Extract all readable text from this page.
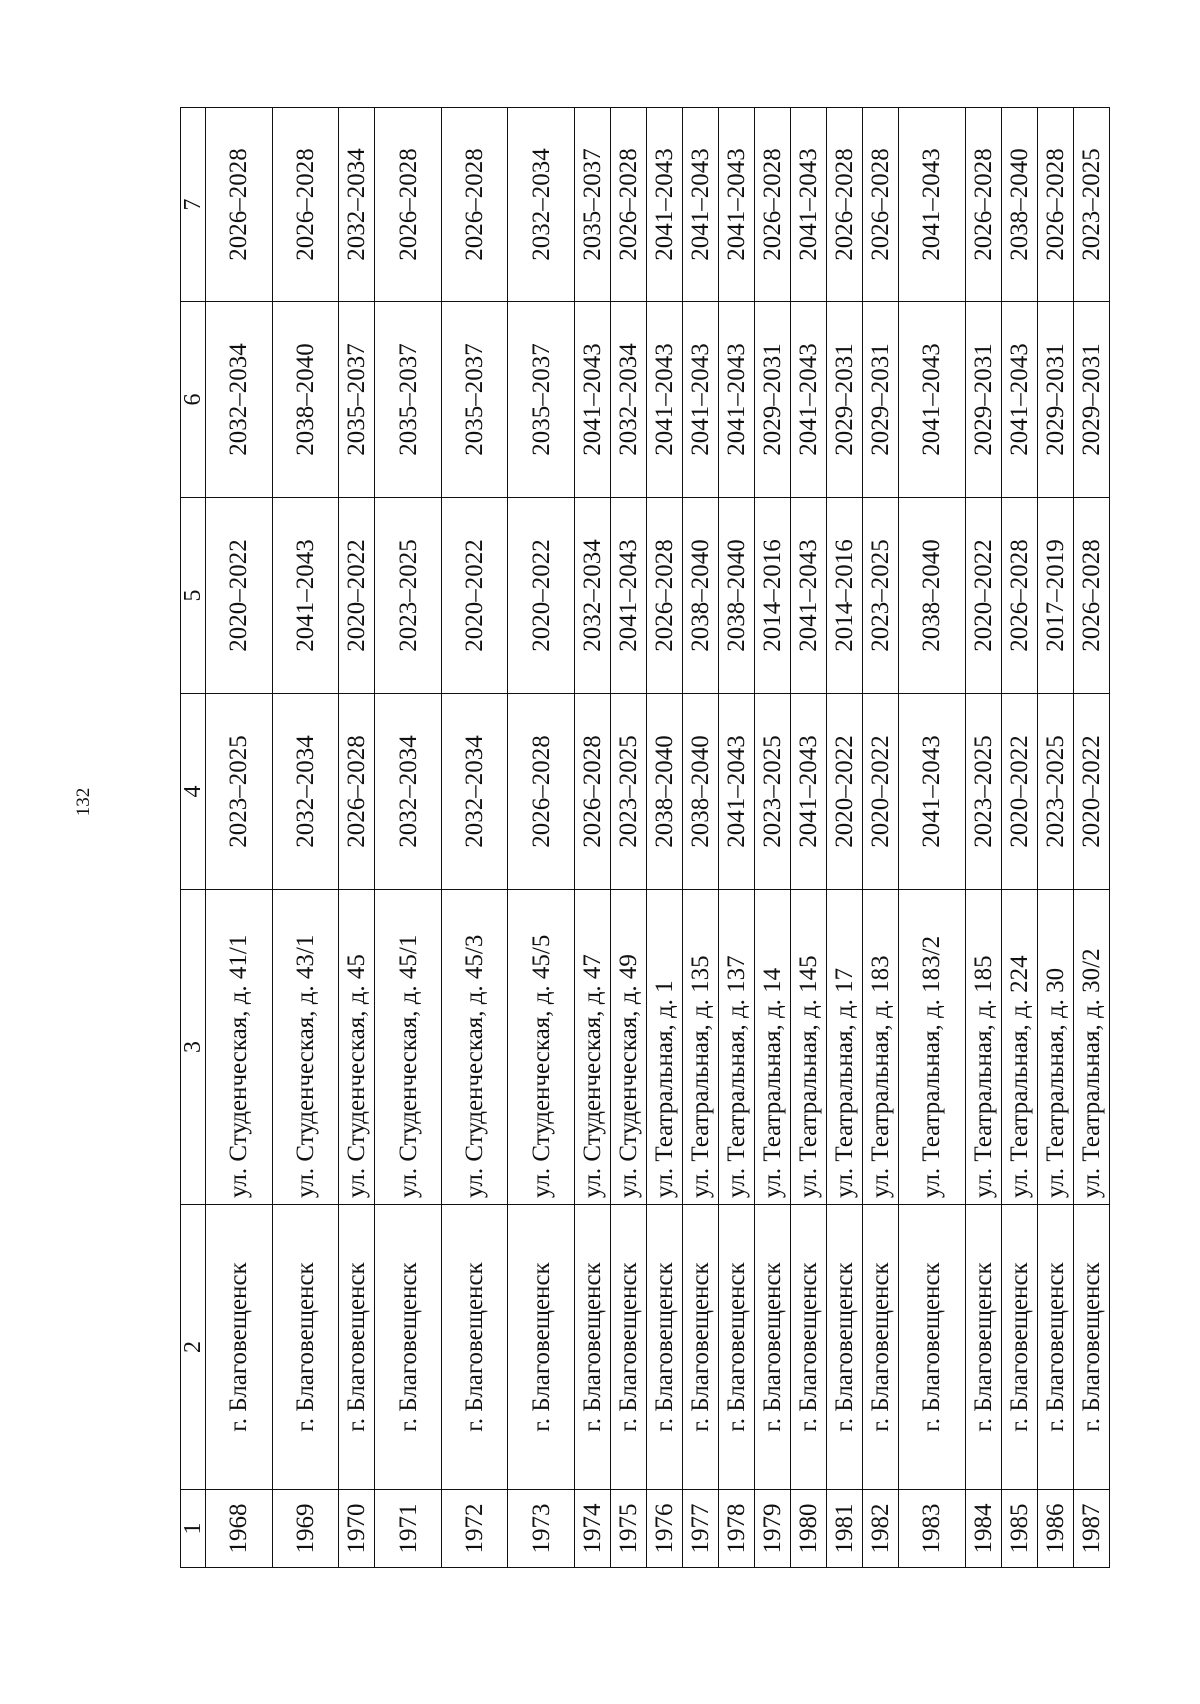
132
1	2	3	4	5	6	7
1968	г. Благовещенск	ул. Студенческая, д. 41/1	2023–2025	2020–2022	2032–2034	2026–2028
1969	г. Благовещенск	ул. Студенческая, д. 43/1	2032–2034	2041–2043	2038–2040	2026–2028
1970	г. Благовещенск	ул. Студенческая, д. 45	2026–2028	2020–2022	2035–2037	2032–2034
1971	г. Благовещенск	ул. Студенческая, д. 45/1	2032–2034	2023–2025	2035–2037	2026–2028
1972	г. Благовещенск	ул. Студенческая, д. 45/3	2032–2034	2020–2022	2035–2037	2026–2028
1973	г. Благовещенск	ул. Студенческая, д. 45/5	2026–2028	2020–2022	2035–2037	2032–2034
1974	г. Благовещенск	ул. Студенческая, д. 47	2026–2028	2032–2034	2041–2043	2035–2037
1975	г. Благовещенск	ул. Студенческая, д. 49	2023–2025	2041–2043	2032–2034	2026–2028
1976	г. Благовещенск	ул. Театральная, д. 1	2038–2040	2026–2028	2041–2043	2041–2043
1977	г. Благовещенск	ул. Театральная, д. 135	2038–2040	2038–2040	2041–2043	2041–2043
1978	г. Благовещенск	ул. Театральная, д. 137	2041–2043	2038–2040	2041–2043	2041–2043
1979	г. Благовещенск	ул. Театральная, д. 14	2023–2025	2014–2016	2029–2031	2026–2028
1980	г. Благовещенск	ул. Театральная, д. 145	2041–2043	2041–2043	2041–2043	2041–2043
1981	г. Благовещенск	ул. Театральная, д. 17	2020–2022	2014–2016	2029–2031	2026–2028
1982	г. Благовещенск	ул. Театральная, д. 183	2020–2022	2023–2025	2029–2031	2026–2028
1983	г. Благовещенск	ул. Театральная, д. 183/2	2041–2043	2038–2040	2041–2043	2041–2043
1984	г. Благовещенск	ул. Театральная, д. 185	2023–2025	2020–2022	2029–2031	2026–2028
1985	г. Благовещенск	ул. Театральная, д. 224	2020–2022	2026–2028	2041–2043	2038–2040
1986	г. Благовещенск	ул. Театральная, д. 30	2023–2025	2017–2019	2029–2031	2026–2028
1987	г. Благовещенск	ул. Театральная, д. 30/2	2020–2022	2026–2028	2029–2031	2023–2025
